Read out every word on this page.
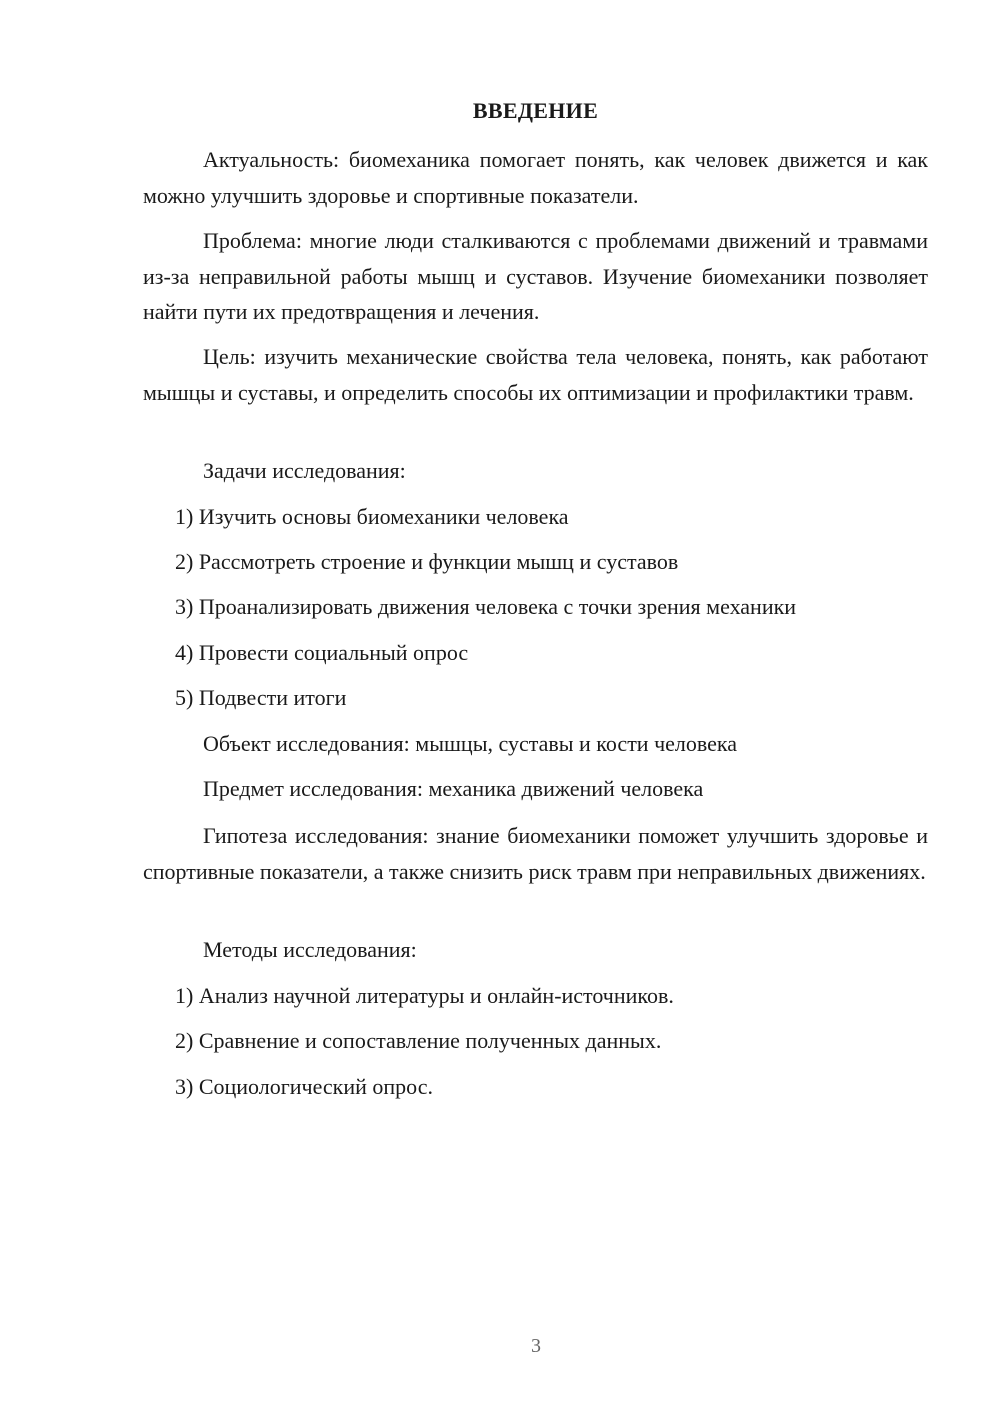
ВВЕДЕНИЕ

Актуальность: биомеханика помогает понять, как человек движется и как можно улучшить здоровье и спортивные показатели.

Проблема: многие люди сталкиваются с проблемами движений и травмами из-за неправильной работы мышц и суставов. Изучение биомеханики позволяет найти пути их предотвращения и лечения.

Цель: изучить механические свойства тела человека, понять, как работают мышцы и суставы, и определить способы их оптимизации и профилактики травм.

Задачи исследования:

1) Изучить основы биомеханики человека

2) Рассмотреть строение и функции мышц и суставов

3) Проанализировать движения человека с точки зрения механики

4) Провести социальный опрос

5) Подвести итоги

Объект исследования: мышцы, суставы и кости человека

Предмет исследования: механика движений человека

Гипотеза исследования: знание биомеханики поможет улучшить здоровье и спортивные показатели, а также снизить риск травм при неправильных движениях.

Методы исследования:

1) Анализ научной литературы и онлайн-источников.

2) Сравнение и сопоставление полученных данных.

3) Социологический опрос.

3
